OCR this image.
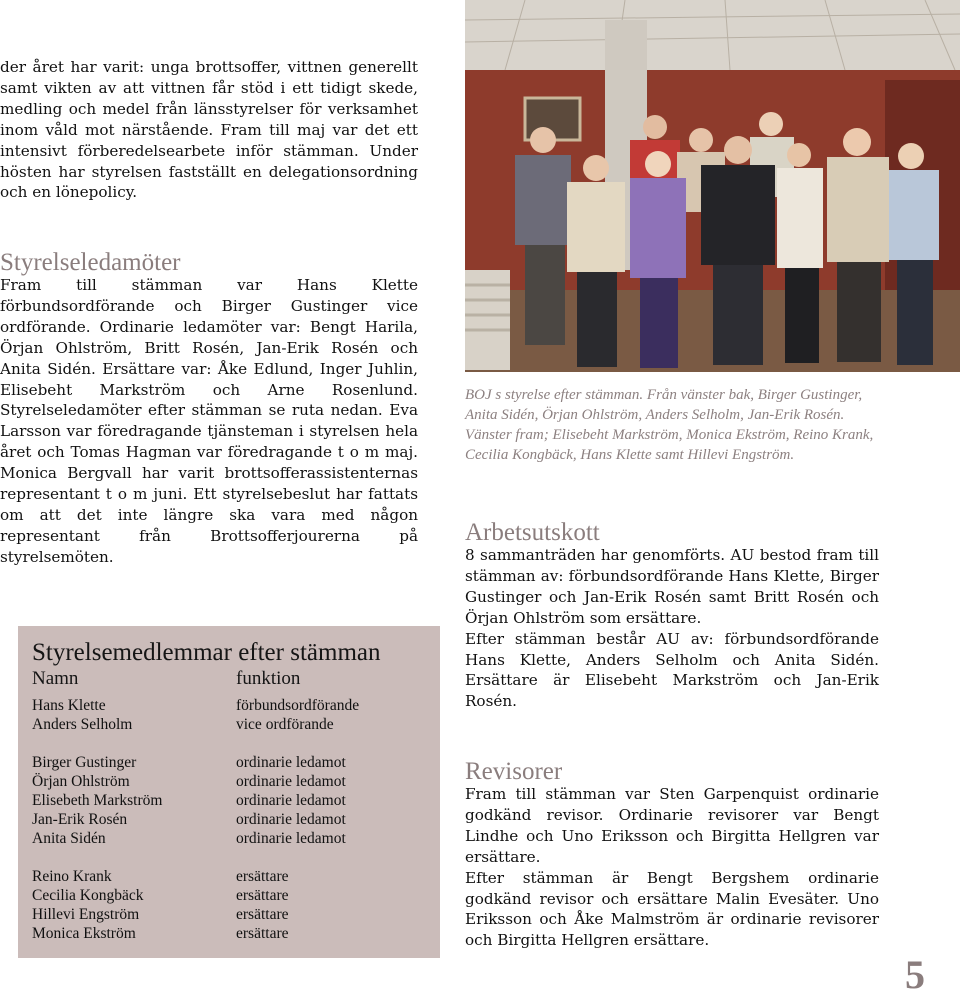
der året har varit: unga brottsoffer, vittnen generellt samt vikten av att vittnen får stöd i ett tidigt skede, medling och medel från länsstyrelser för verksamhet inom våld mot närstående. Fram till maj var det ett intensivt förberedelsearbete inför stämman. Under hösten har styrelsen fastställt en delegationsordning och en lönepolicy.

Styrelseledamöter

Fram till stämman var Hans Klette förbundsordförande och Birger Gustinger vice ordförande. Ordinarie ledamöter var: Bengt Harila, Örjan Ohlström, Britt Rosén, Jan-Erik Rosén och Anita Sidén. Ersättare var: Åke Edlund, Inger Juhlin, Elisebeht Markström och Arne Rosenlund. Styrelseledamöter efter stämman se ruta nedan. Eva Larsson var föredragande tjänsteman i styrelsen hela året och Tomas Hagman var föredragande t o m maj. Monica Bergvall har varit brottsofferassistenternas representant t o m juni. Ett styrelsebeslut har fattats om att det inte längre ska vara med någon representant från Brottsofferjourerna på styrelsemöten.

BOJ s styrelse efter stämman. Från vänster bak, Birger Gustinger, Anita Sidén, Örjan Ohlström, Anders Selholm, Jan-Erik Rosén. Vänster fram; Elisebeht Markström, Monica Ekström, Reino Krank, Cecilia Kongbäck, Hans Klette samt Hillevi Engström.
Styrelsemedlemmar efter stämman
Namn	funktion
Hans Klette	förbundsordförande
Anders Selholm	vice ordförande
Birger Gustinger	ordinarie ledamot
Örjan Ohlström	ordinarie ledamot
Elisebeth Markström	ordinarie ledamot
Jan-Erik Rosén	ordinarie ledamot
Anita Sidén	ordinarie ledamot
Reino Krank	ersättare
Cecilia Kongbäck	ersättare
Hillevi Engström	ersättare
Monica Ekström	ersättare
Arbetsutskott

8 sammanträden har genomförts. AU bestod fram till stämman av: förbundsordförande Hans Klette, Birger Gustinger och Jan-Erik Rosén samt Britt Rosén och Örjan Ohlström som ersättare.

Efter stämman består AU av: förbundsordförande Hans Klette, Anders Selholm och Anita Sidén. Ersättare är Elisebeht Markström och Jan-Erik Rosén.

Revisorer

Fram till stämman var Sten Garpenquist ordinarie godkänd revisor. Ordinarie revisorer var Bengt Lindhe och Uno Eriksson och Birgitta Hellgren var ersättare.

Efter stämman är Bengt Bergshem ordinarie godkänd revisor och ersättare Malin Evesäter. Uno Eriksson och Åke Malmström är ordinarie revisorer och Birgitta Hellgren ersättare.

5
